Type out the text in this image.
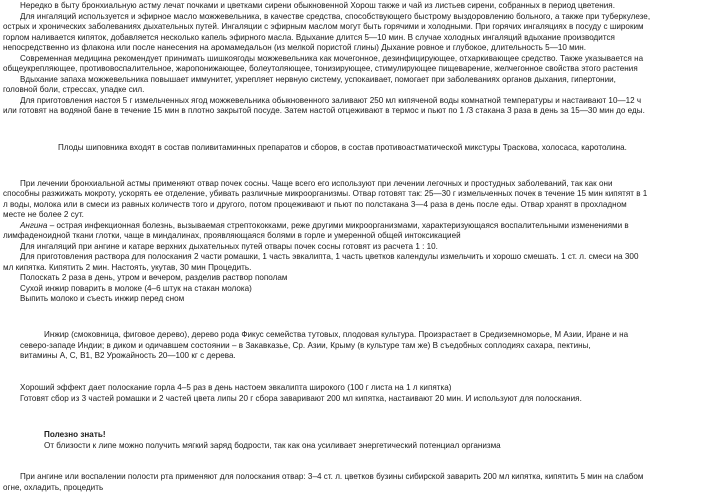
Нередко в быту бронхиальную астму лечат почками и цветками сирени обыкновенной Хорош также и чай из листьев сирени, собранных в период цветения.
Для ингаляций используется и эфирное масло можжевельника, в качестве средства, способствующего быстрому выздоровлению больного, а также при туберкулезе,
острых и хронических заболеваниях дыхательных путей. Ингаляции с эфирным маслом могут быть горячими и холодными. При горячих ингаляциях в посуду с широким
горлом наливается кипяток, добавляется несколько капель эфирного масла. Вдыхание длится 5—10 мин. В случае холодных ингаляций вдыхание производится
непосредственно из флакона или после нанесения на аромамедальон (из мелкой пористой глины) Дыхание ровное и глубокое, длительность 5—10 мин.
Современная медицина рекомендует принимать шишкоягоды можжевельника как мочегонное, дезинфицирующее, отхаркивающее средство. Также указывается на
общеукрепляющее, противовоспалительное, жаропонижающее, болеутоляющее, тонизирующее, стимулирующее пищеварение, желчегонное свойства этого растения
Вдыхание запаха можжевельника повышает иммунитет, укрепляет нервную систему, успокаивает, помогает при заболеваниях органов дыхания, гипертонии,
головной боли, стрессах, упадке сил.
Для приготовления настоя 5 г измельченных ягод можжевельника обыкновенного заливают 250 мл кипяченой воды комнатной температуры и настаивают 10—12 ч
или готовят на водяной бане в течение 15 мин в плотно закрытой посуде. Затем настой отцеживают в термос и пьют по 1 /3 стакана 3 раза в день за 15—30 мин до еды.
Плоды шиповника входят в состав поливитаминных препаратов и сборов, в состав противоастматической микстуры Траскова, холосаса, каротолина.
При лечении бронхиальной астмы применяют отвар почек сосны. Чаще всего его используют при лечении легочных и простудных заболеваний, так как они
способны разжижать мокроту, ускорять ее отделение, убивать различные микроорганизмы. Отвар готовят так: 25—30 г измельченных почек в течение 15 мин кипятят в 1
л воды, молока или в смеси из равных количеств того и другого, потом процеживают и пьют по полстакана 3—4 раза в день после еды. Отвар хранят в прохладном
месте не более 2 сут.
Ангина – острая инфекционная болезнь, вызываемая стрептококками, реже другими микроорганизмами, характеризующаяся воспалительными изменениями в
лимфаденоидной ткани глотки, чаще в миндалинах, проявляющаяся болями в горле и умеренной общей интоксикацией
Для ингаляций при ангине и катаре верхних дыхательных путей отвары почек сосны готовят из расчета 1 : 10.
Для приготовления раствора для полоскания 2 части ромашки, 1 часть эвкалипта, 1 часть цветков календулы измельчить и хорошо смешать. 1 ст. л. смеси на 300
мл кипятка. Кипятить 2 мин. Настоять, укутав, 30 мин Процедить.
Полоскать 2 раза в день, утром и вечером, разделив раствор пополам
Сухой инжир поварить в молоке (4–6 штук на стакан молока)
Выпить молоко и съесть инжир перед сном
Инжир (смоковница, фиговое дерево), дерево рода Фикус семейства тутовых, плодовая культура. Произрастает в Средиземноморье, М Азии, Иране и на
северо-западе Индии; в диком и одичавшем состоянии – в Закавказье, Ср. Азии, Крыму (в культуре там же) В съедобных соплодиях сахара, пектины,
витамины А, С, В1, В2 Урожайность 20—100 кг с дерева.
Хороший эффект дает полоскание горла 4–5 раз в день настоем эвкалипта широкого (100 г листа на 1 л кипятка)
Готовят сбор из 3 частей ромашки и 2 частей цвета липы 20 г сбора заваривают 200 мл кипятка, настаивают 20 мин. И используют для полоскания.
Полезно знать!
От близости к липе можно получить мягкий заряд бодрости, так как она усиливает энергетический потенциал организма
При ангине или воспалении полости рта применяют для полоскания отвар: 3–4 ст. л. цветков бузины сибирской заварить 200 мл кипятка, кипятить 5 мин на слабом
огне, охладить, процедить
